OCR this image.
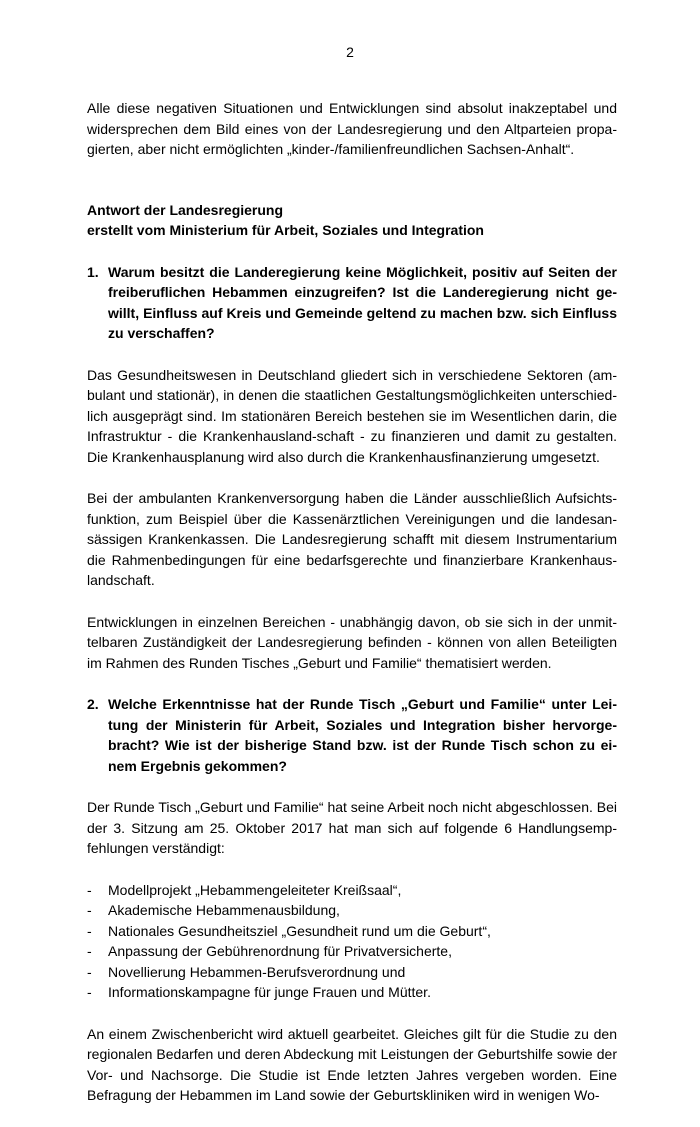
2

Alle diese negativen Situationen und Entwicklungen sind absolut inakzeptabel und widersprechen dem Bild eines von der Landesregierung und den Altparteien propagierten, aber nicht ermöglichten „kinder-/familienfreundlichen Sachsen-Anhalt“.

Antwort der Landesregierung
erstellt vom Ministerium für Arbeit, Soziales und Integration
1. Warum besitzt die Landeregierung keine Möglichkeit, positiv auf Seiten der freiberuflichen Hebammen einzugreifen? Ist die Landeregierung nicht gewillt, Einfluss auf Kreis und Gemeinde geltend zu machen bzw. sich Einfluss zu verschaffen?

Das Gesundheitswesen in Deutschland gliedert sich in verschiedene Sektoren (ambulant und stationär), in denen die staatlichen Gestaltungsmöglichkeiten unterschiedlich ausgeprägt sind. Im stationären Bereich bestehen sie im Wesentlichen darin, die Infrastruktur - die Krankenhausland-schaft - zu finanzieren und damit zu gestalten. Die Krankenhausplanung wird also durch die Krankenhausfinanzierung umgesetzt.

Bei der ambulanten Krankenversorgung haben die Länder ausschließlich Aufsichtsfunktion, zum Beispiel über die Kassenärztlichen Vereinigungen und die landesansässigen Krankenkassen. Die Landesregierung schafft mit diesem Instrumentarium die Rahmenbedingungen für eine bedarfsgerechte und finanzierbare Krankenhauslandschaft.

Entwicklungen in einzelnen Bereichen - unabhängig davon, ob sie sich in der unmittelbaren Zuständigkeit der Landesregierung befinden - können von allen Beteiligten im Rahmen des Runden Tisches „Geburt und Familie“ thematisiert werden.

2. Welche Erkenntnisse hat der Runde Tisch „Geburt und Familie“ unter Leitung der Ministerin für Arbeit, Soziales und Integration bisher hervorgebracht? Wie ist der bisherige Stand bzw. ist der Runde Tisch schon zu einem Ergebnis gekommen?

Der Runde Tisch „Geburt und Familie“ hat seine Arbeit noch nicht abgeschlossen. Bei der 3. Sitzung am 25. Oktober 2017 hat man sich auf folgende 6 Handlungsempfehlungen verständigt:

-	Modellprojekt „Hebammengeleiteter Kreißsaal“,
-	Akademische Hebammenausbildung,
-	Nationales Gesundheitsziel „Gesundheit rund um die Geburt“,
-	Anpassung der Gebührenordnung für Privatversicherte,
-	Novellierung Hebammen-Berufsverordnung und
-	Informationskampagne für junge Frauen und Mütter.

An einem Zwischenbericht wird aktuell gearbeitet. Gleiches gilt für die Studie zu den regionalen Bedarfen und deren Abdeckung mit Leistungen der Geburtshilfe sowie der Vor- und Nachsorge. Die Studie ist Ende letzten Jahres vergeben worden. Eine Befragung der Hebammen im Land sowie der Geburtskliniken wird in wenigen Wo-
